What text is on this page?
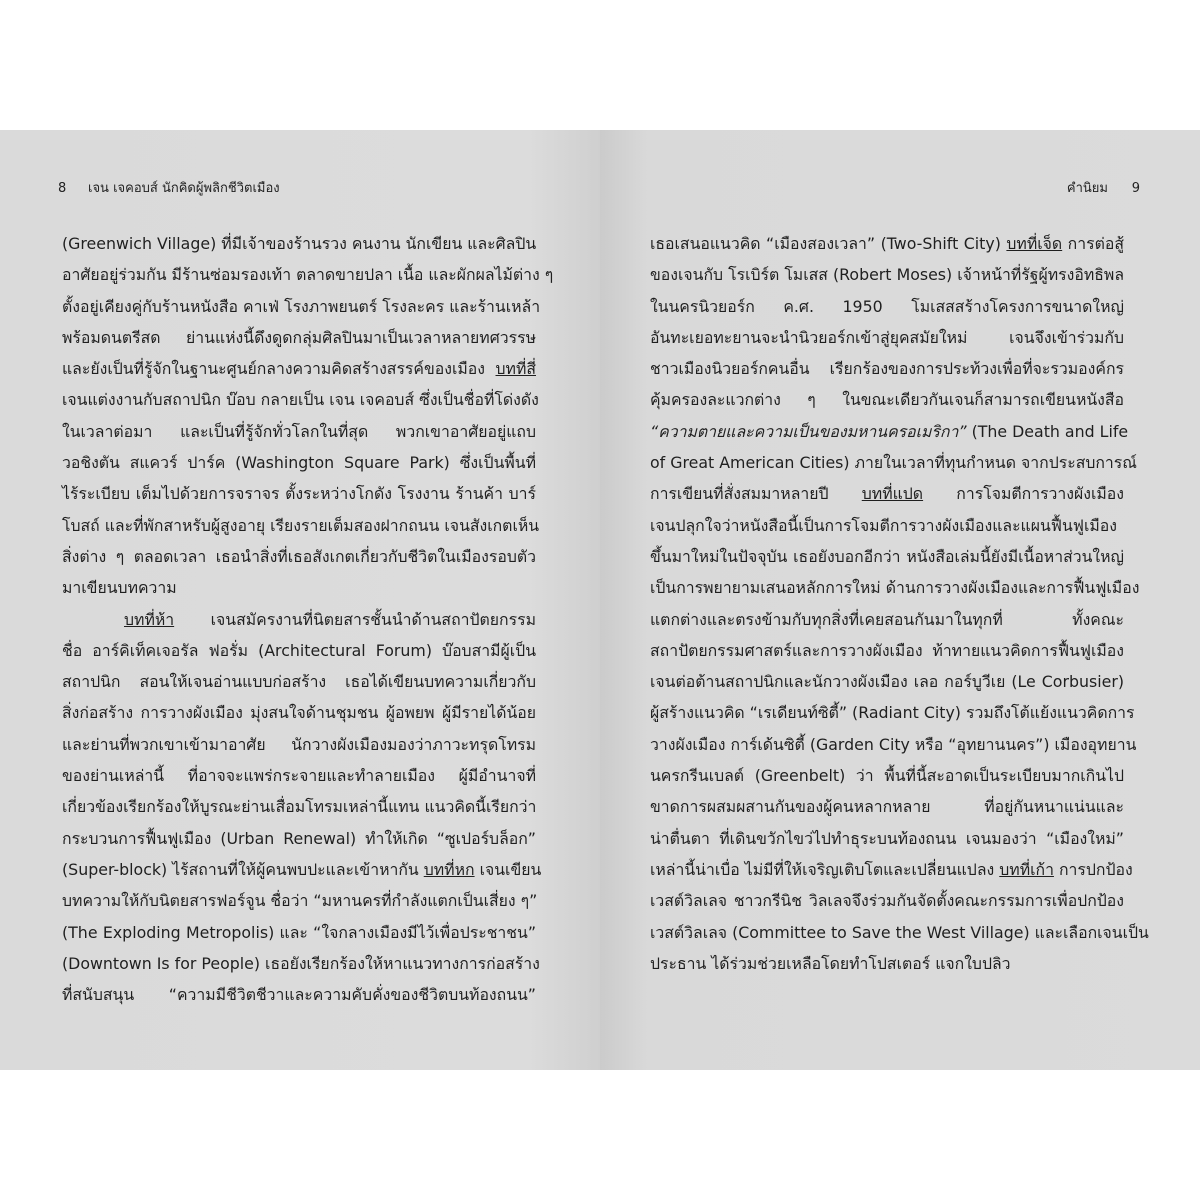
8 เจน เจคอบส์ นักคิดผู้พลิกชีวิตเมือง
(Greenwich Village) ที่มีเจ้าของร้านรวง คนงาน นักเขียน และศิลปิน
อาศัยอยู่ร่วมกัน มีร้านซ่อมรองเท้า ตลาดขายปลา เนื้อ และผักผลไม้ต่าง ๆ
ตั้งอยู่เคียงคู่กับร้านหนังสือ คาเฟ่ โรงภาพยนตร์ โรงละคร และร้านเหล้า
พร้อมดนตรีสด ย่านแห่งนี้ดึงดูดกลุ่มศิลปินมาเป็นเวลาหลายทศวรรษ
และยังเป็นที่รู้จักในฐานะศูนย์กลางความคิดสร้างสรรค์ของเมือง บทที่สี่
เจนแต่งงานกับสถาปนิก บ๊อบ กลายเป็น เจน เจคอบส์ ซึ่งเป็นชื่อที่โด่งดัง
ในเวลาต่อมา และเป็นที่รู้จักทั่วโลกในที่สุด พวกเขาอาศัยอยู่แถบ
วอชิงตัน สแควร์ ปาร์ค (Washington Square Park) ซึ่งเป็นพื้นที่
ไร้ระเบียบ เต็มไปด้วยการจราจร ตั้งระหว่างโกดัง โรงงาน ร้านค้า บาร์
โบสถ์ และที่พักสาหรับผู้สูงอายุ เรียงรายเต็มสองฝากถนน เจนสังเกตเห็น
สิ่งต่าง ๆ ตลอดเวลา เธอนำสิ่งที่เธอสังเกตเกี่ยวกับชีวิตในเมืองรอบตัว
มาเขียนบทความ
บทที่ห้า เจนสมัครงานที่นิตยสารชั้นนำด้านสถาปัตยกรรม
ชื่อ อาร์คิเท็คเจอรัล ฟอรั่ม (Architectural Forum) บ๊อบสามีผู้เป็น
สถาปนิก สอนให้เจนอ่านแบบก่อสร้าง เธอได้เขียนบทความเกี่ยวกับ
สิ่งก่อสร้าง การวางผังเมือง มุ่งสนใจด้านชุมชน ผู้อพยพ ผู้มีรายได้น้อย
และย่านที่พวกเขาเข้ามาอาศัย นักวางผังเมืองมองว่าภาวะทรุดโทรม
ของย่านเหล่านี้ ที่อาจจะแพร่กระจายและทำลายเมือง ผู้มีอำนาจที่
เกี่ยวข้องเรียกร้องให้บูรณะย่านเสื่อมโทรมเหล่านี้แทน แนวคิดนี้เรียกว่า
กระบวนการฟื้นฟูเมือง (Urban Renewal) ทำให้เกิด “ซูเปอร์บล็อก”
(Super-block) ไร้สถานที่ให้ผู้คนพบปะและเข้าหากัน บทที่หก เจนเขียน
บทความให้กับนิตยสารฟอร์จูน ชื่อว่า “มหานครที่กำลังแตกเป็นเสี่ยง ๆ”
(The Exploding Metropolis) และ “ใจกลางเมืองมีไว้เพื่อประชาชน”
(Downtown Is for People) เธอยังเรียกร้องให้หาแนวทางการก่อสร้าง
ที่สนับสนุน “ความมีชีวิตชีวาและความคับคั่งของชีวิตบนท้องถนน”
คำนิยม 9
เธอเสนอแนวคิด “เมืองสองเวลา” (Two-Shift City) บทที่เจ็ด การต่อสู้
ของเจนกับ โรเบิร์ต โมเสส (Robert Moses) เจ้าหน้าที่รัฐผู้ทรงอิทธิพล
ในนครนิวยอร์ก ค.ศ. 1950 โมเสสสร้างโครงการขนาดใหญ่
อันทะเยอทะยานจะนำนิวยอร์กเข้าสู่ยุคสมัยใหม่ เจนจึงเข้าร่วมกับ
ชาวเมืองนิวยอร์กคนอื่น เรียกร้องของการประท้วงเพื่อที่จะรวมองค์กร
คุ้มครองละแวกต่าง ๆ ในขณะเดียวกันเจนก็สามารถเขียนหนังสือ
“ความตายและความเป็นของมหานครอเมริกา” (The Death and Life
of Great American Cities) ภายในเวลาที่ทุนกำหนด จากประสบการณ์
การเขียนที่สั่งสมมาหลายปี บทที่แปด การโจมตีการวางผังเมือง
เจนปลุกใจว่าหนังสือนี้เป็นการโจมตีการวางผังเมืองและแผนฟื้นฟูเมือง
ขึ้นมาใหม่ในปัจจุบัน เธอยังบอกอีกว่า หนังสือเล่มนี้ยังมีเนื้อหาส่วนใหญ่
เป็นการพยายามเสนอหลักการใหม่ ด้านการวางผังเมืองและการฟื้นฟูเมือง
แตกต่างและตรงข้ามกับทุกสิ่งที่เคยสอนกันมาในทุกที่ ทั้งคณะ
สถาปัตยกรรมศาสตร์และการวางผังเมือง ท้าทายแนวคิดการฟื้นฟูเมือง
เจนต่อต้านสถาปนิกและนักวางผังเมือง เลอ กอร์บูวีเย (Le Corbusier)
ผู้สร้างแนวคิด “เรเดียนท์ซิตี้” (Radiant City) รวมถึงโต้แย้งแนวคิดการ
วางผังเมือง การ์เด้นซิตี้ (Garden City หรือ “อุทยานนคร”) เมืองอุทยาน
นครกรีนเบลต์ (Greenbelt) ว่า พื้นที่นี้สะอาดเป็นระเบียบมากเกินไป
ขาดการผสมผสานกันของผู้คนหลากหลาย ที่อยู่กันหนาแน่นและ
น่าตื่นตา ที่เดินขวักไขว่ไปทำธุระบนท้องถนน เจนมองว่า “เมืองใหม่”
เหล่านี้น่าเบื่อ ไม่มีที่ให้เจริญเติบโตและเปลี่ยนแปลง บทที่เก้า การปกป้อง
เวสต์วิลเลจ ชาวกรีนิช วิลเลจจึงร่วมกันจัดตั้งคณะกรรมการเพื่อปกป้อง
เวสต์วิลเลจ (Committee to Save the West Village) และเลือกเจนเป็น
ประธาน ได้ร่วมช่วยเหลือโดยทำโปสเตอร์ แจกใบปลิว
